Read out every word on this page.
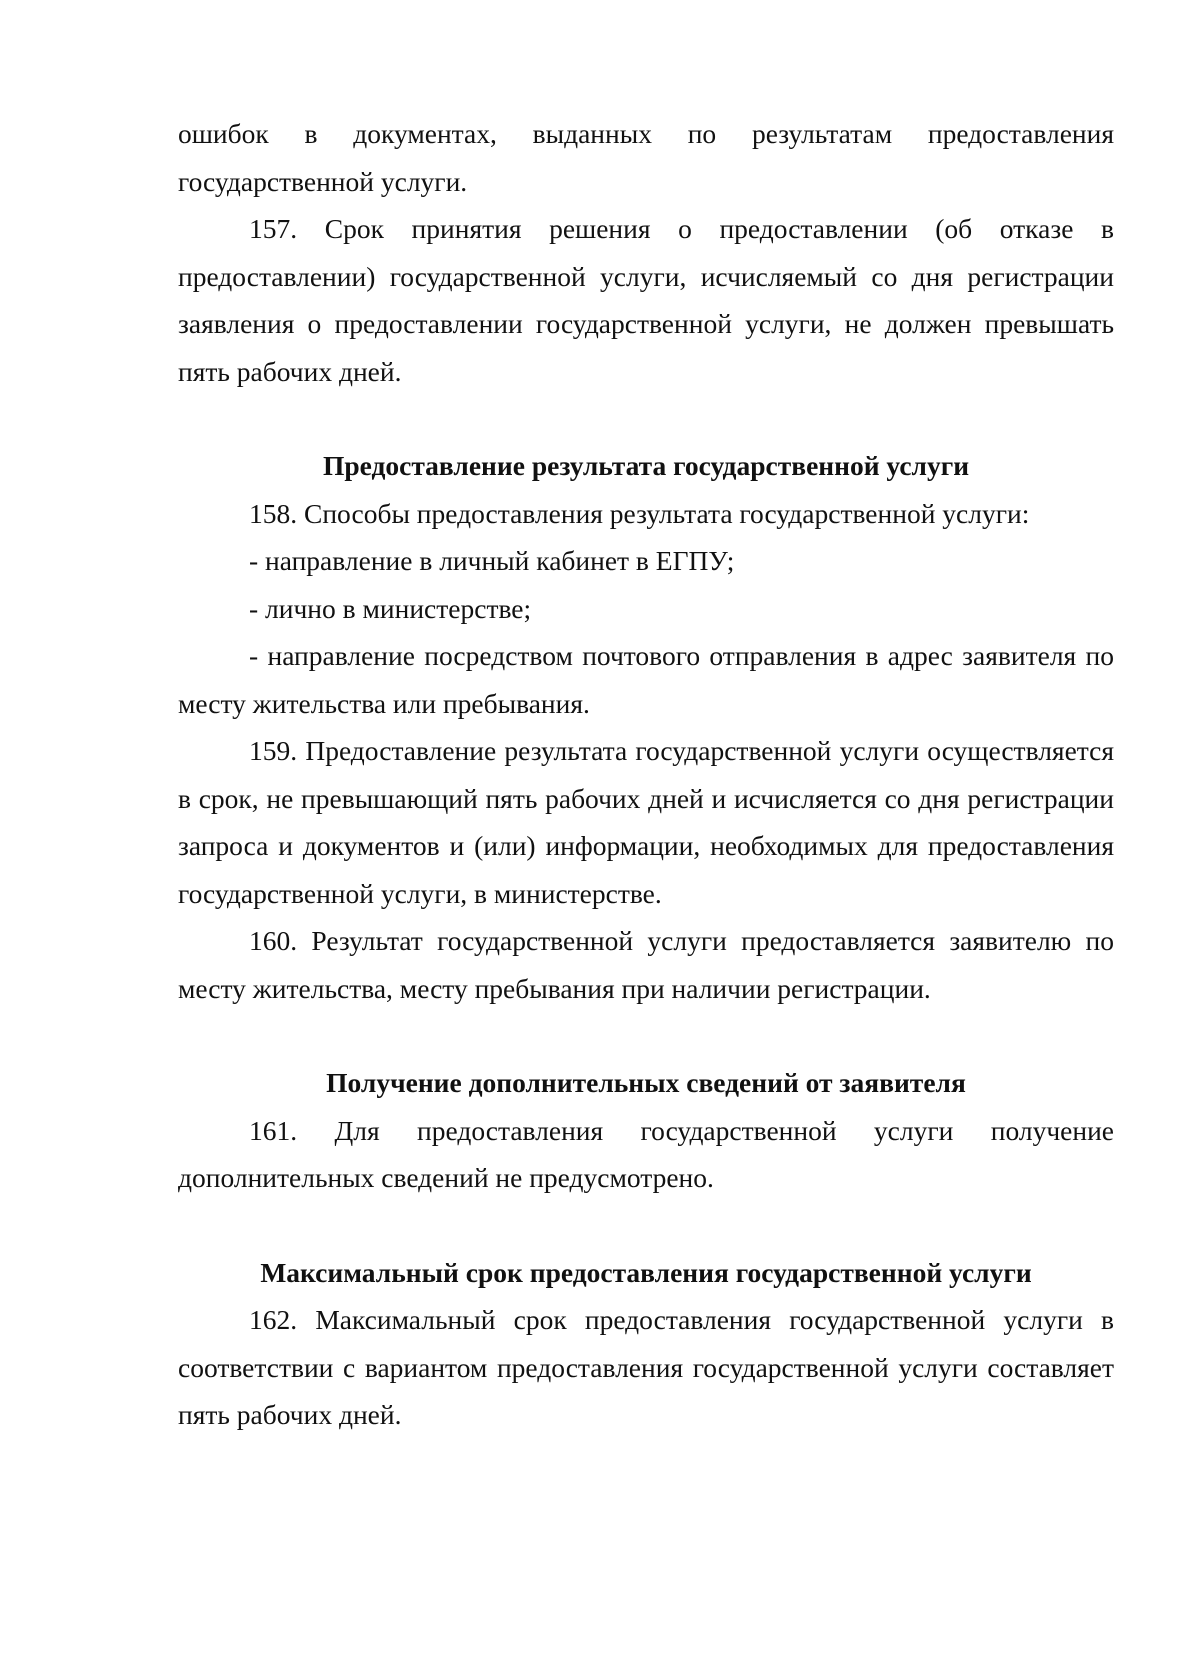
ошибок в документах, выданных по результатам предоставления

государственной услуги.

157. Срок принятия решения о предоставлении (об отказе в предоставлении) государственной услуги, исчисляемый со дня регистрации заявления о предоставлении государственной услуги, не должен превышать пять рабочих дней.

Предоставление результата государственной услуги

158. Способы предоставления результата государственной услуги:

- направление в личный кабинет в ЕГПУ;

- лично в министерстве;

- направление посредством почтового отправления в адрес заявителя по месту жительства или пребывания.

159. Предоставление результата государственной услуги осуществляется в срок, не превышающий пять рабочих дней и исчисляется со дня регистрации запроса и документов и (или) информации, необходимых для предоставления государственной услуги, в министерстве.

160. Результат государственной услуги предоставляется заявителю по месту жительства, месту пребывания при наличии регистрации.

Получение дополнительных сведений от заявителя

161. Для предоставления государственной услуги получение дополнительных сведений не предусмотрено.

Максимальный срок предоставления государственной услуги

162. Максимальный срок предоставления государственной услуги в соответствии с вариантом предоставления государственной услуги составляет пять рабочих дней.
